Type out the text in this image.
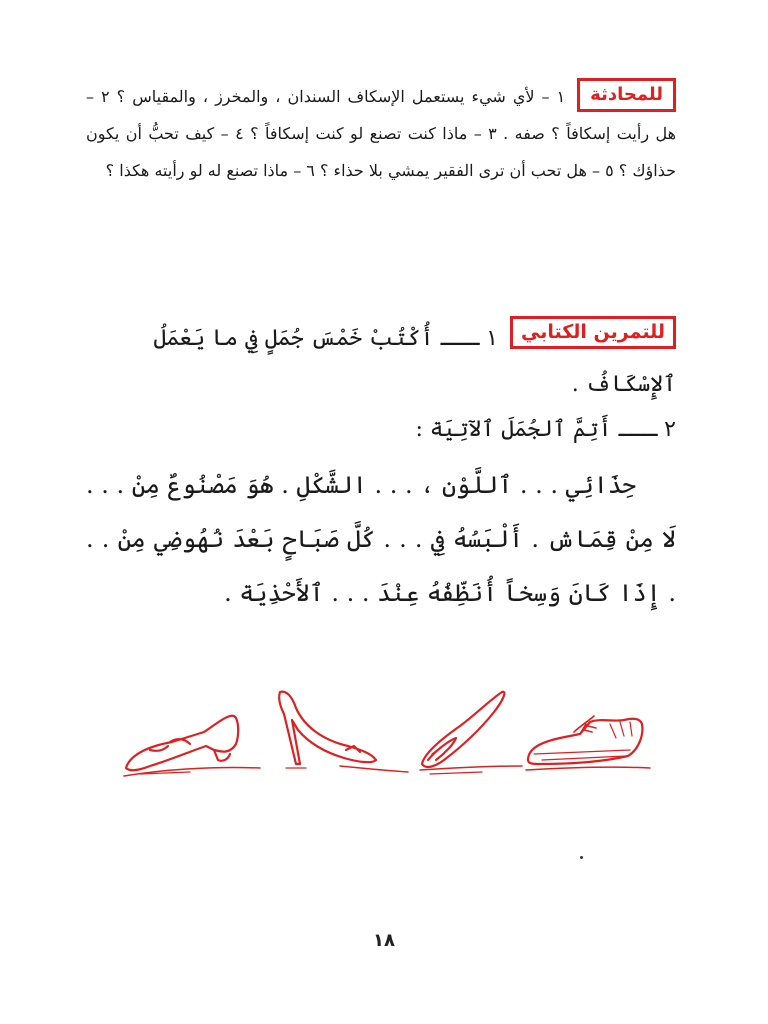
للمحادثة
١ – لأي شيء يستعمل الإسكاف السندان ، والمخرز ، والمقياس ؟ ٢ – هل رأيت إسكافاً ؟ صفه . ٣ – ماذا كنت تصنع لو كنت إسكافاً ؟ ٤ – كيف تحبُّ أن يكون حذاؤك ؟ ٥ – هل تحب أن ترى الفقير يمشي بلا حذاء ؟ ٦ – ماذا تصنع له لو رأيته هكذا ؟

للتمرين الكتابي
١ ـــ أُكْتُبْ خَمْسَ جُمَلٍ فِي ما يَعْمَلُ ٱلإِسْكَافُ .

٢ ـــ أَتِمَّ ٱلجُمَلَ ٱلآتِيَة :

حِذَائِي . . . ٱللَّوْن ، . . . الشَّكْلِ . هُوَ مَصْنُوعٌ مِنْ . . . لَا مِنْ قِمَاش . أَلْبَسُهُ فِي . . . كُلَّ صَبَاحٍ بَعْدَ نُهُوضِي مِنْ . . . إِذَا كَانَ وَسِخاً أُنَظِّفُهُ عِنْدَ . . . ٱلأَحْذِيَة .

١٨
